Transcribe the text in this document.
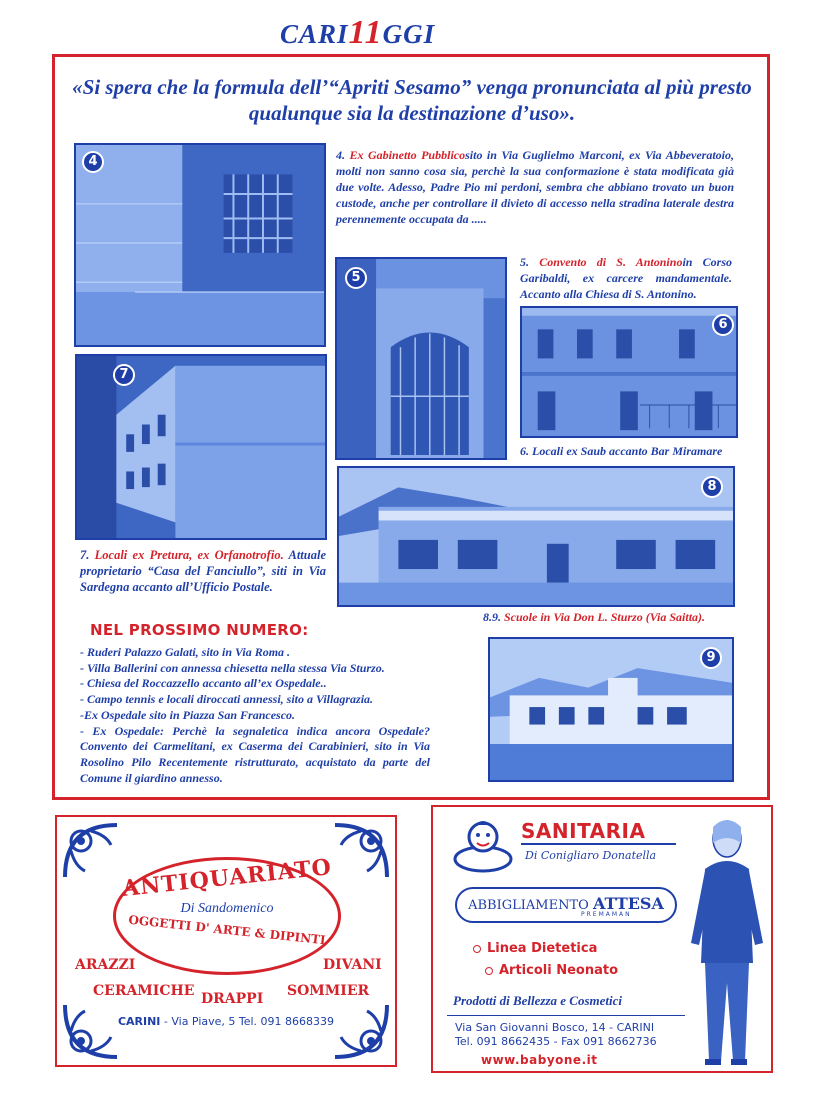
CARI11GGI
«Si spera che la formula dell’“Apriti Sesamo” venga pronunciata al più presto qualunque sia la destinazione d’uso».
4	4. Ex Gabinetto Pubblicosito in Via Guglielmo Marconi, ex Via Abbeveratoio, molti non sanno cosa sia, perchè la sua conformazione è stata modificata già due volte. Adesso, Padre Pio mi perdoni, sembra che abbiano trovato un buon custode, anche per controllare il divieto di accesso nella stradina laterale destra perennemente occupata da .....
5
5. Convento di S. Antoninoin Corso Garibaldi, ex carcere mandamentale. Accanto alla Chiesa di S. Antonino.
6
6. Locali ex Saub accanto Bar Miramare
7
7. Locali ex Pretura, ex Orfanotrofio. Attuale proprietario “Casa del Fanciullo”, siti in Via Sardegna accanto all’Ufficio Postale.
8
8.9. Scuole in Via Don L. Sturzo (Via Saitta).
9
NEL PROSSIMO NUMERO:
- Ruderi Palazzo Galati, sito in Via Roma .
- Villa Ballerini con annessa chiesetta nella stessa Via Sturzo.
- Chiesa del Roccazzello accanto all’ex Ospedale..
- Campo tennis e locali diroccati annessi, sito a Villagrazia.
-Ex Ospedale sito in Piazza San Francesco.
- Ex Ospedale: Perchè la segnaletica indica ancora Ospedale? Convento dei Carmelitani, ex Caserma dei Carabinieri, sito in Via Rosolino Pilo Recentemente ristrutturato, acquistato da parte del Comune il giardino annesso.
ANTIQUARIATO
Di Sandomenico
OGGETTI D' ARTE & DIPINTI
ARAZZI	DIVANI
CERAMICHE DRAPPI SOMMIER
CARINI - Via Piave, 5 Tel. 091 8668339
SANITARIA
Di Conigliaro Donatella
ABBIGLIAMENTO ATTESA
PREMAMAN
Linea Dietetica
Articoli Neonato
Prodotti di Bellezza e Cosmetici
Via San Giovanni Bosco, 14 - CARINI
Tel. 091 8662435 - Fax 091 8662736
www.babyone.it
